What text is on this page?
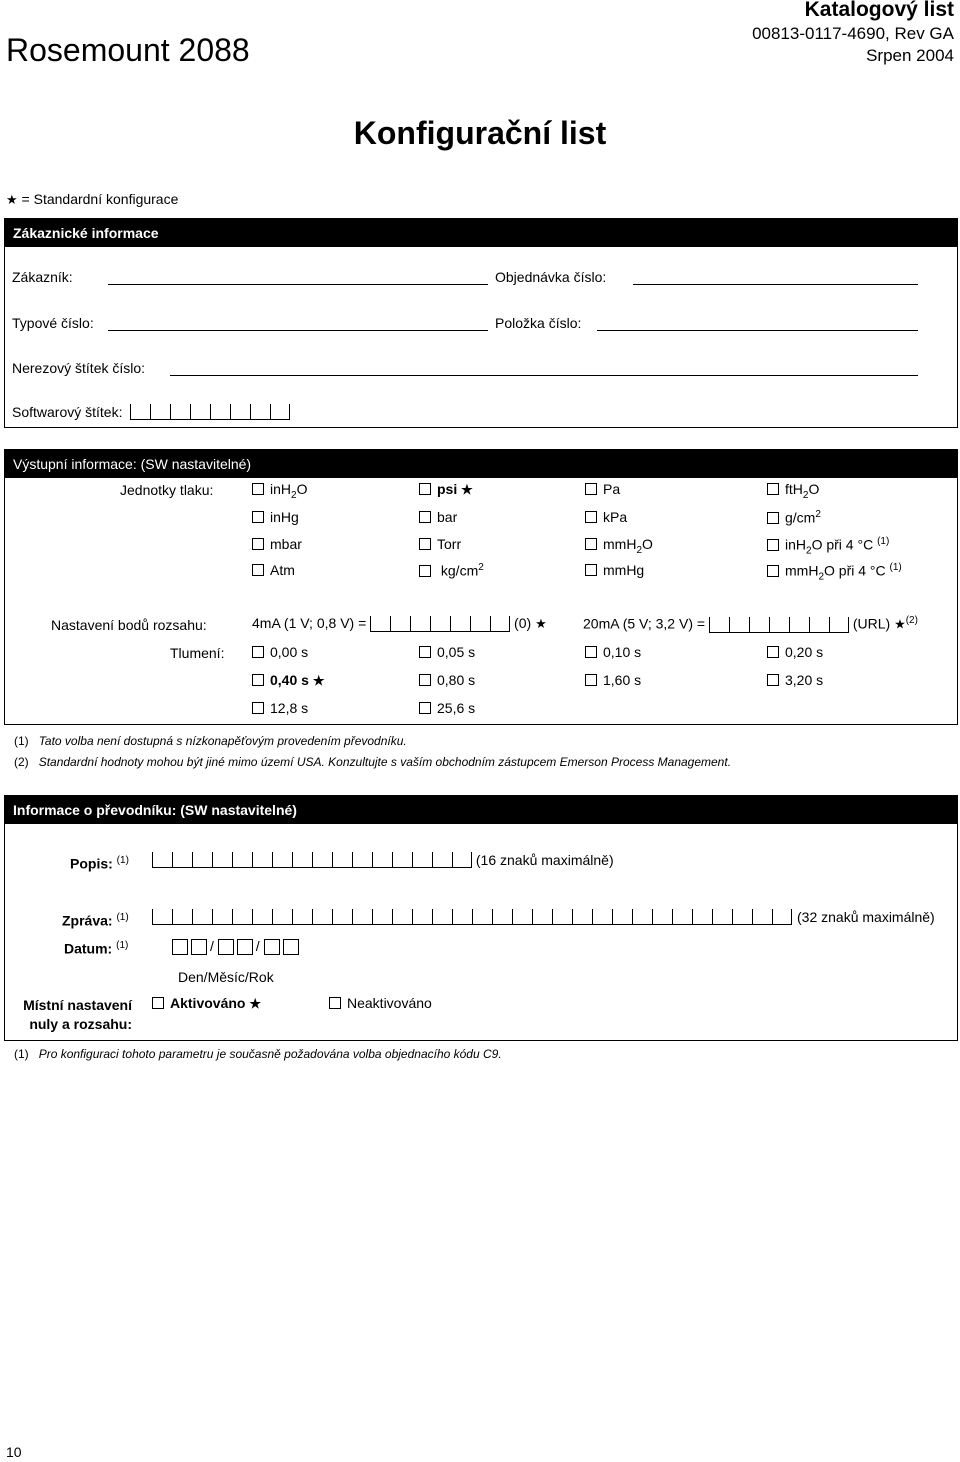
Rosemount 2088
Katalogový list
00813-0117-4690, Rev GA
Srpen 2004
Konfigurační list
★ = Standardní konfigurace
Zákaznické informace
Zákazník:	Objednávka číslo:
Typové číslo:	Položka číslo:
Nerezový štítek číslo:
Softwarový štítek:
Výstupní informace: (SW nastavitelné)
Jednotky tlaku:	inH$_2$O	psi ★	Pa	ftH$_2$O
inHg	bar	kPa	$g/cm^2$
mbar	Torr	mmH$_2$O	inH$_2$O při 4 °C $^{(1)}$
Atm	$kg/cm^2$	mmHg	mmH$_2$O při 4 °C $^{(1)}$
Nastavení bodů rozsahu:	4mA (1 V; 0,8 V) =	(0) ★	20mA (5 V; 3,2 V) =	(URL) ★$^{(2)}$
Tlumení:	0,00 s	0,05 s	0,10 s	0,20 s
0,40 s ★	0,80 s	1,60 s	3,20 s
12,8 s	25,6 s
(1) Tato volba není dostupná s nízkonapěťovým provedením převodníku.
(2) Standardní hodnoty mohou být jiné mimo území USA. Konzultujte s vaším obchodním zástupcem Emerson Process Management.
Informace o převodníku: (SW nastavitelné)
Popis: $^{(1)}$	(16 znaků maximálně)
Zpráva: $^{(1)}$	(32 znaků maximálně)
Datum: $^{(1)}$	/	/
Den/Měsíc/Rok
Místní nastavení
nuly a rozsahu:
Aktivováno ★	Neaktivováno
(1) Pro konfiguraci tohoto parametru je současně požadována volba objednacího kódu C9.
10
